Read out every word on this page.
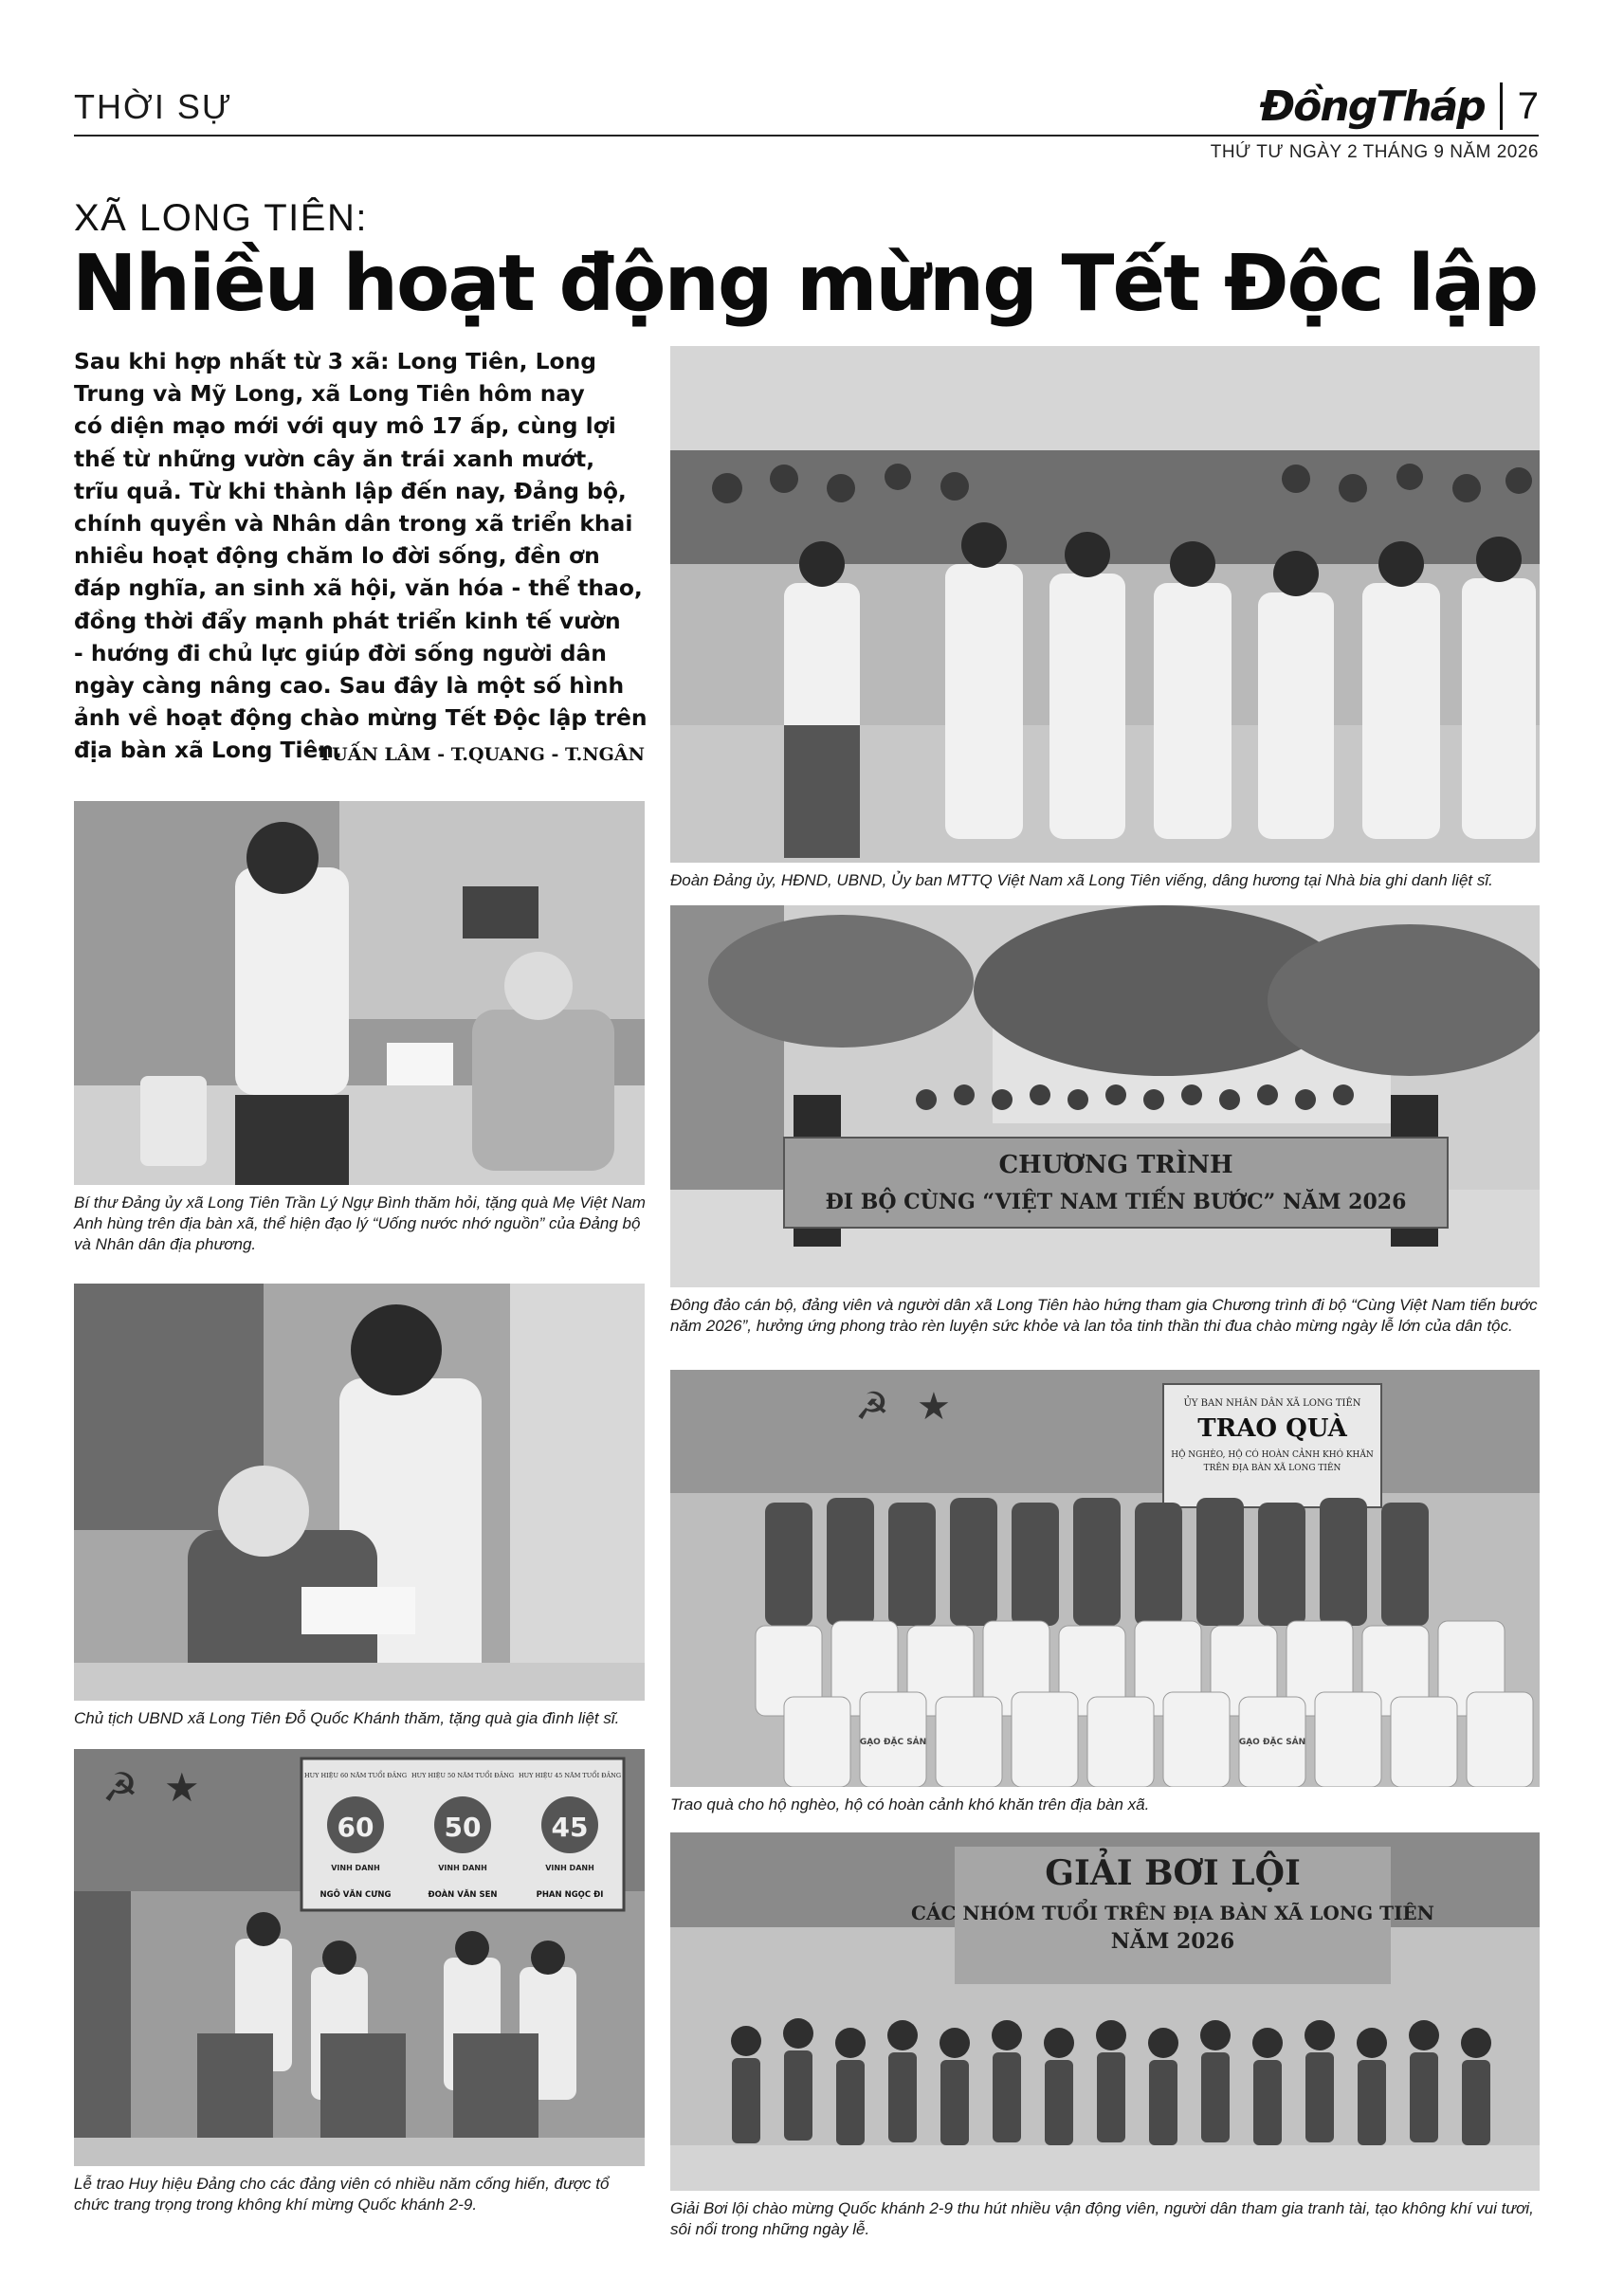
THỜI SỰ	ĐồngTháp 7
THỨ TƯ NGÀY 2 THÁNG 9 NĂM 2026
XÃ LONG TIÊN:
Nhiều hoạt động mừng Tết Độc lập
Sau khi hợp nhất từ 3 xã: Long Tiên, Long
Trung và Mỹ Long, xã Long Tiên hôm nay
có diện mạo mới với quy mô 17 ấp, cùng lợi
thế từ những vườn cây ăn trái xanh mướt,
trĩu quả. Từ khi thành lập đến nay, Đảng bộ,
chính quyền và Nhân dân trong xã triển khai
nhiều hoạt động chăm lo đời sống, đền ơn
đáp nghĩa, an sinh xã hội, văn hóa - thể thao,
đồng thời đẩy mạnh phát triển kinh tế vườn
- hướng đi chủ lực giúp đời sống người dân
ngày càng nâng cao. Sau đây là một số hình
ảnh về hoạt động chào mừng Tết Độc lập trên
địa bàn xã Long Tiên.
TUẤN LÂM - T.QUANG - T.NGÂN
Đoàn Đảng ủy, HĐND, UBND, Ủy ban MTTQ Việt Nam xã Long Tiên viếng, dâng hương tại Nhà bia ghi danh liệt sĩ.
Bí thư Đảng ủy xã Long Tiên Trần Lý Ngự Bình thăm hỏi, tặng quà Mẹ Việt Nam Anh hùng trên địa bàn xã, thể hiện đạo lý “Uống nước nhớ nguồn” của Đảng bộ và Nhân dân địa phương.
CHƯƠNG TRÌNH
ĐI BỘ CÙNG “VIỆT NAM TIẾN BƯỚC” NĂM 2026
Đông đảo cán bộ, đảng viên và người dân xã Long Tiên hào hứng tham gia Chương trình đi bộ “Cùng Việt Nam tiến bước năm 2026”, hưởng ứng phong trào rèn luyện sức khỏe và lan tỏa tinh thần thi đua chào mừng ngày lễ lớn của dân tộc.
Chủ tịch UBND xã Long Tiên Đỗ Quốc Khánh thăm, tặng quà gia đình liệt sĩ.
☭ ★	ỦY BAN NHÂN DÂN XÃ LONG TIÊN
TRAO QUÀ
HỘ NGHÈO, HỘ CÓ HOÀN CẢNH KHÓ KHĂN
TRÊN ĐỊA BÀN XÃ LONG TIÊN
GẠO ĐẶC SẢN	GẠO ĐẶC SẢN
Trao quà cho hộ nghèo, hộ có hoàn cảnh khó khăn trên địa bàn xã.
☭ ★	HUY HIỆU 60 NĂM TUỔI ĐẢNG
60
VINH DANH
NGÔ VĂN CƯNG
HUY HIỆU 50 NĂM TUỔI ĐẢNG
50
VINH DANH
ĐOÀN VĂN SEN
HUY HIỆU 45 NĂM TUỔI ĐẢNG
45
VINH DANH
PHAN NGỌC ĐI
Lễ trao Huy hiệu Đảng cho các đảng viên có nhiều năm cống hiến, được tổ chức trang trọng trong không khí mừng Quốc khánh 2-9.
GIẢI BƠI LỘI
CÁC NHÓM TUỔI TRÊN ĐỊA BÀN XÃ LONG TIÊN
NĂM 2026
Giải Bơi lội chào mừng Quốc khánh 2-9 thu hút nhiều vận động viên, người dân tham gia tranh tài, tạo không khí vui tươi, sôi nổi trong những ngày lễ.
